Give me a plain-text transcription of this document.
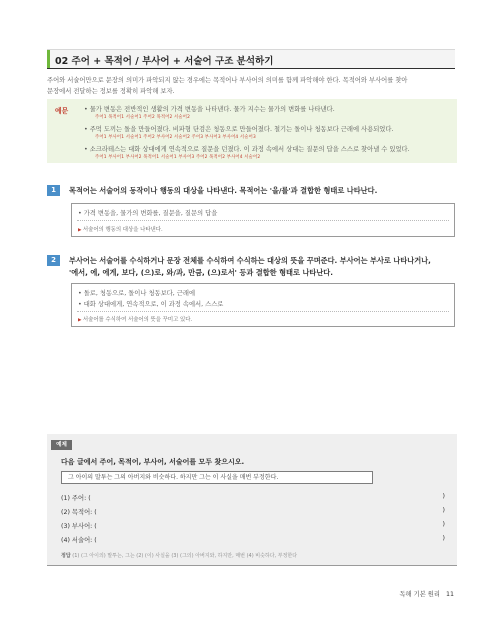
02 주어 + 목적어 / 부사어 + 서술어 구조 분석하기
주어와 서술어만으로 문장의 의미가 파악되지 않는 경우에는 목적어나 부사어의 의미를 함께 파악해야 한다. 목적어와 부사어를 찾아
문장에서 전달하는 정보를 정확히 파악해 보자.
예문	• 물가 변동은 전반적인 생활의 가격 변동을 나타낸다. 물가 지수는 물가의 변화를 나타낸다.
주어1 목적어1 서술어1 주어2 목적어2 서술어2
• 주먹 도끼는 돌을 만들어졌다. 비파형 단검은 청동으로 만들어졌다. 철기는 돌이나 청동보다 근래에 사용되었다.
주어1 부사어1 서술어1 주어2 부사어2 서술어2 주어3 부사어3 부사어4 서술어3
• 소크라테스는 대화 상대에게 연속적으로 질문을 던졌다. 이 과정 속에서 상대는 질문의 답을 스스로 찾아낼 수 있었다.
주어1 부사어1 부사어2 목적어1 서술어1 부사어3 주어2 목적어2 부사어4 서술어2
1	목적어는 서술어의 동작이나 행동의 대상을 나타낸다. 목적어는 '을/를'과 결합한 형태로 나타난다.
• 가격 변동을, 물가의 변화를, 질문을, 질문의 답을
▶ 서술어의 행동의 대상을 나타낸다.
2	부사어는 서술어를 수식하거나 문장 전체를 수식하여 수식하는 대상의 뜻을 꾸며준다. 부사어는 부사로 나타나거나,
'에서, 에, 에게, 보다, (으)로, 와/과, 만큼, (으)로서' 등과 결합한 형태로 나타난다.
• 돌로, 청동으로, 돌이나 청동보다, 근래에
• 대화 상대에게, 연속적으로, 이 과정 속에서, 스스로
▶ 서술어를 수식하여 서술어의 뜻을 꾸미고 있다.
예제
다음 글에서 주어, 목적어, 부사어, 서술어를 모두 찾으시오.
그 아이의 말투는 그의 아버지와 비슷하다. 하지만 그는 이 사실을 매번 부정한다.
(1) 주어: (	)
(2) 목적어: (	)
(3) 부사어: (	)
(4) 서술어: (	)
정답 (1) (그 아이의) 말투는, 그는 (2) (이) 사실을 (3) (그의) 아버지와, 하지만, 매번 (4) 비슷하다, 부정한다
독해 기본 원리 11
